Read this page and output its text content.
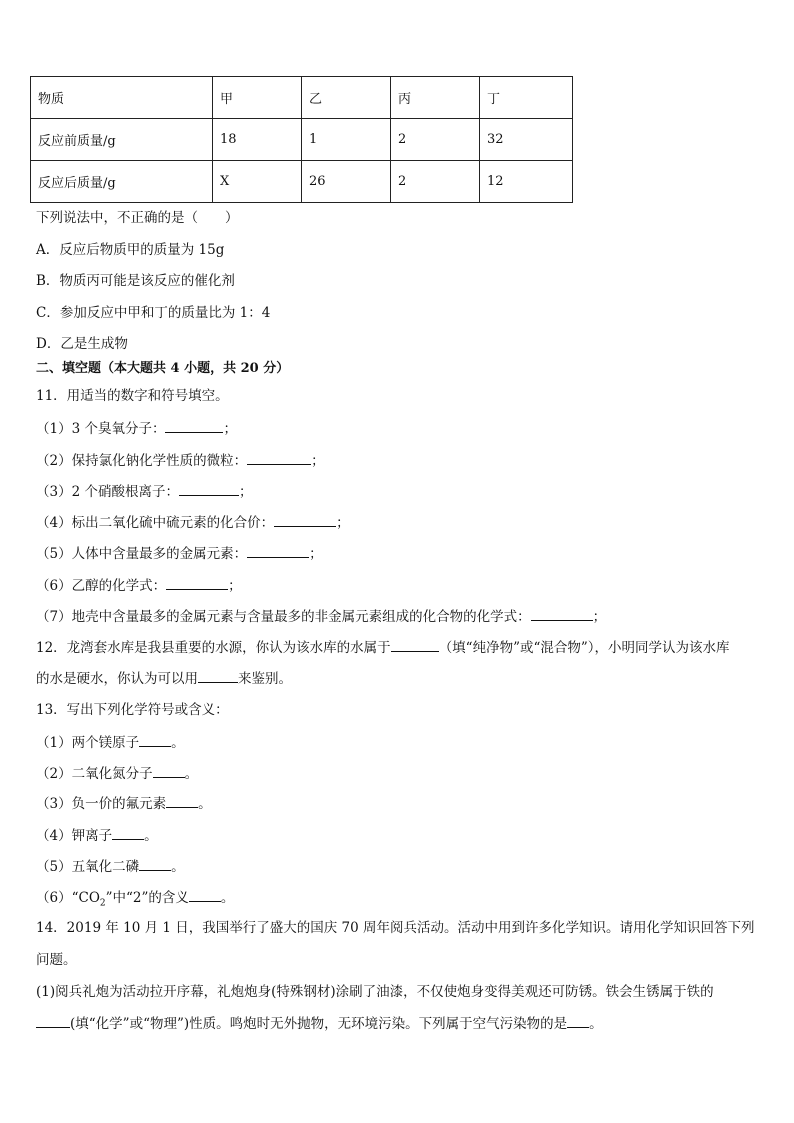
物质	甲	乙	丙	丁
反应前质量/g	18	1	2	32
反应后质量/g	X	26	2	12
下列说法中，不正确的是（　　）
A．反应后物质甲的质量为 15g
B．物质丙可能是该反应的催化剂
C．参加反应中甲和丁的质量比为 1：4
D．乙是生成物
二、填空题（本大题共 4 小题，共 20 分）
11．用适当的数字和符号填空。
（1）3 个臭氧分子：	；
（2）保持氯化钠化学性质的微粒：	；
（3）2 个硝酸根离子：	；
（4）标出二氧化硫中硫元素的化合价：	；
（5）人体中含量最多的金属元素：	；
（6）乙醇的化学式：	；
（7）地壳中含量最多的金属元素与含量最多的非金属元素组成的化合物的化学式：	；
12．龙湾套水库是我县重要的水源，你认为该水库的水属于	（填“纯净物”或“混合物”），小明同学认为该水库
的水是硬水，你认为可以用	来鉴别。
13．写出下列化学符号或含义：
（1）两个镁原子 。
（2）二氧化氮分子 。
（3）负一价的氟元素 。
（4）钾离子 。
（5）五氧化二磷 。
$(6)“CO_2$”中“2”的含义 。
14．2019 年 10 月 1 日，我国举行了盛大的国庆 70 周年阅兵活动。活动中用到许多化学知识。请用化学知识回答下列
问题。
(1)阅兵礼炮为活动拉开序幕，礼炮炮身(特殊钢材)涂刷了油漆，不仅使炮身变得美观还可防锈。铁会生锈属于铁的
(填“化学”或“物理”)性质。鸣炮时无外抛物，无环境污染。下列属于空气污染物的是 。
